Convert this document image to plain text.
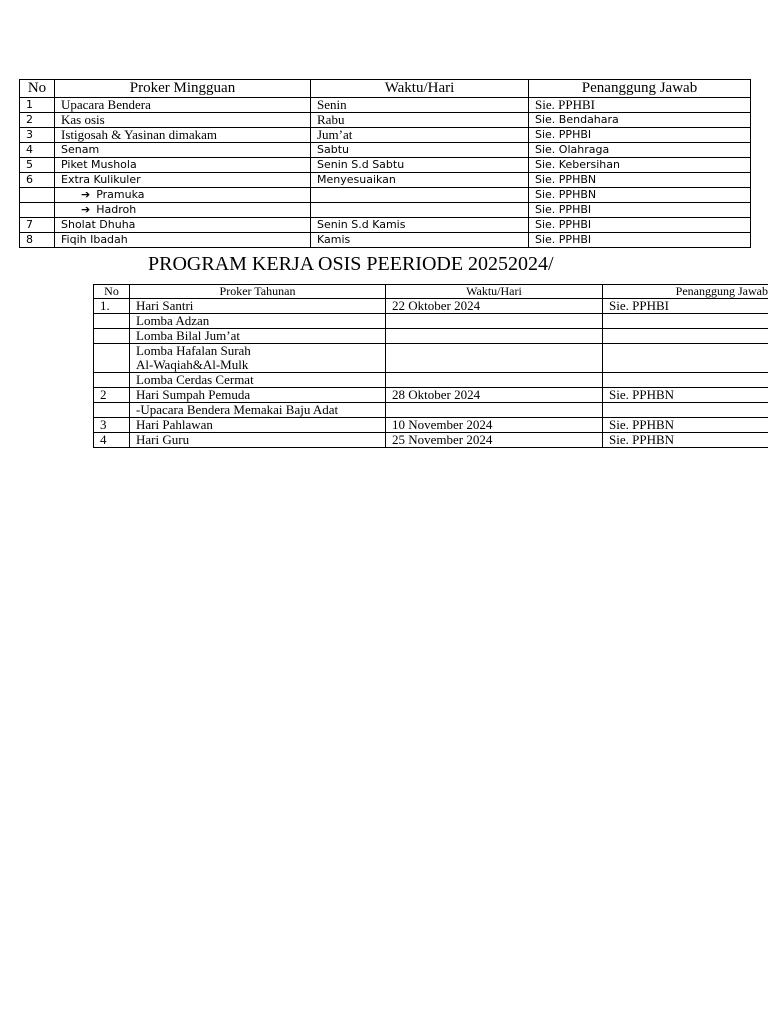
No	Proker Mingguan	Waktu/Hari	Penanggung Jawab
1	Upacara Bendera	Senin	Sie. PPHBI
2	Kas osis	Rabu	Sie. Bendahara
3	Istigosah & Yasinan dimakam	Jum’at	Sie. PPHBI
4	Senam	Sabtu	Sie. Olahraga
5	Piket Mushola	Senin S.d Sabtu	Sie. Kebersihan
6	Extra Kulikuler	Menyesuaikan	Sie. PPHBN
	➔ Pramuka		Sie. PPHBN
	➔ Hadroh		Sie. PPHBI
7	Sholat Dhuha	Senin S.d Kamis	Sie. PPHBI
8	Fiqih Ibadah	Kamis	Sie. PPHBI
PROGRAM KERJA OSIS PEERIODE 20252024/
No	Proker Tahunan	Waktu/Hari	Penanggung Jawab
1.	Hari Santri	22 Oktober 2024	Sie. PPHBI
	Lomba Adzan		
	Lomba Bilal Jum’at		

	Lomba Hafalan Surah
Al-Waqiah&Al-Mulk		

	Lomba Cerdas Cermat		
2	Hari Sumpah Pemuda	28 Oktober 2024	Sie. PPHBN
	-Upacara Bendera Memakai Baju Adat		
3	Hari Pahlawan	10 November 2024	Sie. PPHBN
4	Hari Guru	25 November 2024	Sie. PPHBN
